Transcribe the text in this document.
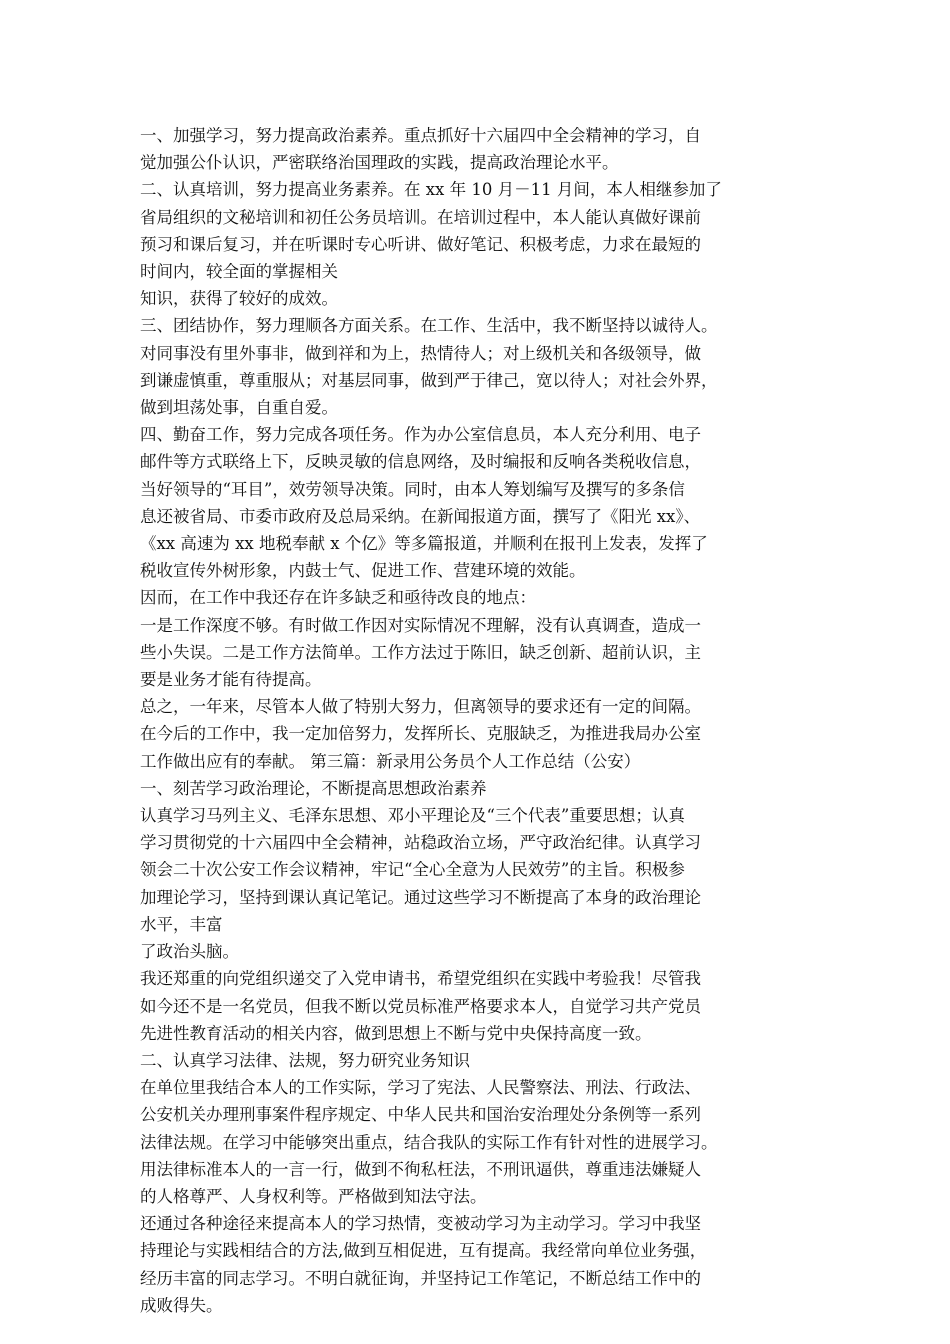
一、加强学习，努力提高政治素养。重点抓好十六届四中全会精神的学习，自
觉加强公仆认识，严密联络治国理政的实践，提高政治理论水平。
二、认真培训，努力提高业务素养。在 xx 年 10 月－11 月间，本人相继参加了
省局组织的文秘培训和初任公务员培训。在培训过程中，本人能认真做好课前
预习和课后复习，并在听课时专心听讲、做好笔记、积极考虑，力求在最短的
时间内，较全面的掌握相关
知识，获得了较好的成效。
三、团结协作，努力理顺各方面关系。在工作、生活中，我不断坚持以诚待人。
对同事没有里外事非，做到祥和为上，热情待人；对上级机关和各级领导，做
到谦虚慎重，尊重服从；对基层同事，做到严于律己，宽以待人；对社会外界，
做到坦荡处事，自重自爱。
四、勤奋工作，努力完成各项任务。作为办公室信息员，本人充分利用、电子
邮件等方式联络上下，反映灵敏的信息网络，及时编报和反响各类税收信息，
当好领导的“耳目”，效劳领导决策。同时，由本人筹划编写及撰写的多条信
息还被省局、市委市政府及总局采纳。在新闻报道方面，撰写了《阳光 xx》、
《xx 高速为 xx 地税奉献 x 个亿》等多篇报道，并顺利在报刊上发表，发挥了
税收宣传外树形象，内鼓士气、促进工作、营建环境的效能。
因而，在工作中我还存在许多缺乏和亟待改良的地点：
一是工作深度不够。有时做工作因对实际情况不理解，没有认真调查，造成一
些小失误。二是工作方法简单。工作方法过于陈旧，缺乏创新、超前认识，主
要是业务才能有待提高。
总之，一年来，尽管本人做了特别大努力，但离领导的要求还有一定的间隔。
在今后的工作中，我一定加倍努力，发挥所长、克服缺乏，为推进我局办公室
工作做出应有的奉献。 第三篇：新录用公务员个人工作总结（公安）
一、刻苦学习政治理论，不断提高思想政治素养
认真学习马列主义、毛泽东思想、邓小平理论及“三个代表”重要思想；认真
学习贯彻党的十六届四中全会精神，站稳政治立场，严守政治纪律。认真学习
领会二十次公安工作会议精神，牢记“全心全意为人民效劳”的主旨。积极参
加理论学习，坚持到课认真记笔记。通过这些学习不断提高了本身的政治理论
水平，丰富
了政治头脑。
我还郑重的向党组织递交了入党申请书，希望党组织在实践中考验我！尽管我
如今还不是一名党员，但我不断以党员标准严格要求本人，自觉学习共产党员
先进性教育活动的相关内容，做到思想上不断与党中央保持高度一致。
二、认真学习法律、法规，努力研究业务知识
在单位里我结合本人的工作实际，学习了宪法、人民警察法、刑法、行政法、
公安机关办理刑事案件程序规定、中华人民共和国治安治理处分条例等一系列
法律法规。在学习中能够突出重点，结合我队的实际工作有针对性的进展学习。
用法律标准本人的一言一行，做到不徇私枉法，不刑讯逼供，尊重违法嫌疑人
的人格尊严、人身权利等。严格做到知法守法。
还通过各种途径来提高本人的学习热情，变被动学习为主动学习。学习中我坚
持理论与实践相结合的方法,做到互相促进，互有提高。我经常向单位业务强，
经历丰富的同志学习。不明白就征询，并坚持记工作笔记，不断总结工作中的
成败得失。
